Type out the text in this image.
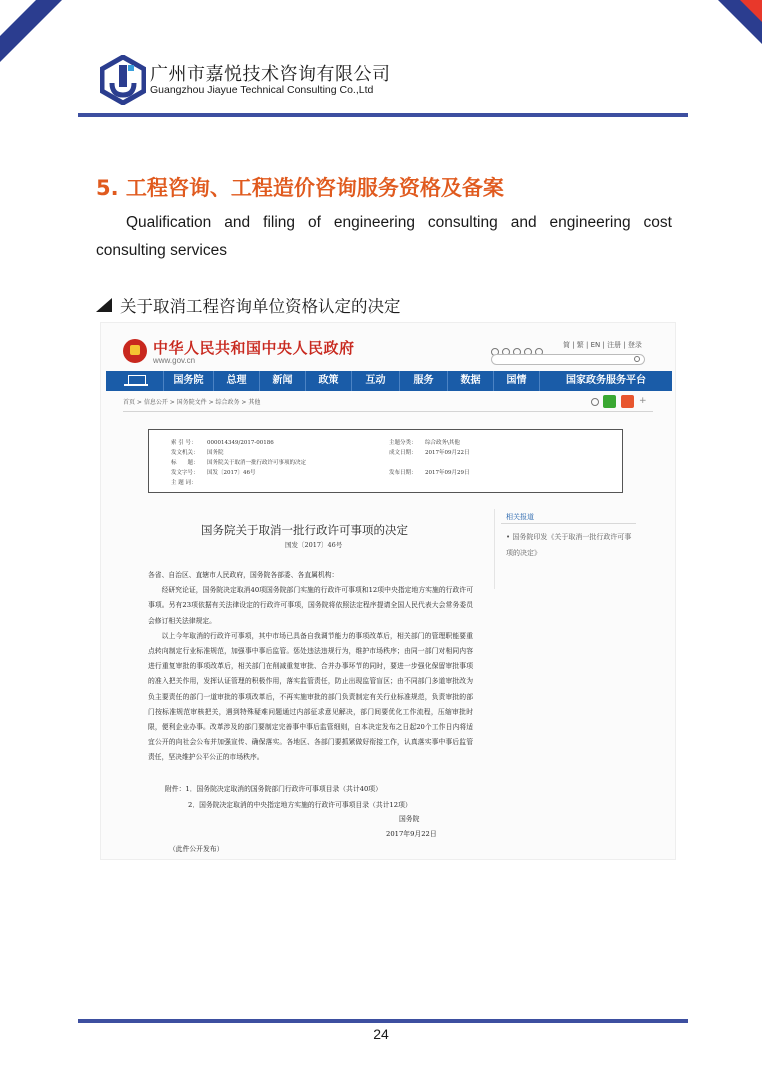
广州市嘉悦技术咨询有限公司
Guangzhou Jiayue Technical Consulting Co.,Ltd
5. 工程咨询、工程造价咨询服务资格及备案
Qualification and filing of engineering consulting and engineering cost consulting services
关于取消工程咨询单位资格认定的决定
中华人民共和国中央人民政府
www.gov.cn
简 | 繁 | EN | 注册 | 登录
国务院	总理	新闻	政策	互动	服务	数据	国情	国家政务服务平台
首页 > 信息公开 > 国务院文件 > 综合政务 > 其他	+
索 引 号： 000014349/2017-00186	主题分类： 综合政务\其他
发文机关： 国务院	成文日期： 2017年09月22日
标　　题： 国务院关于取消一批行政许可事项的决定
发文字号： 国发〔2017〕46号	发布日期： 2017年09月29日
主 题 词：
相关报道
• 国务院印发《关于取消一批行政许可事项的决定》
国务院关于取消一批行政许可事项的决定
国发〔2017〕46号

各省、自治区、直辖市人民政府，国务院各部委、各直属机构：

经研究论证，国务院决定取消40项国务院部门实施的行政许可事项和12项中央指定地方实施的行政许可事项。另有23项依据有关法律设定的行政许可事项，国务院将依照法定程序提请全国人民代表大会常务委员会修订相关法律规定。

以上今年取消的行政许可事项，其中市场已具备自我调节能力的事项改革后，相关部门的管理职能要重点转向制定行业标准规范，加强事中事后监管。惩处违法违规行为，维护市场秩序；由同一部门对相同内容进行重复审批的事项改革后，相关部门在削减重复审批、合并办事环节的同时，要进一步强化保留审批事项的准入把关作用，发挥认证管理的积极作用，落实监管责任，防止出现监管盲区；由不同部门多道审批改为负主要责任的部门一道审批的事项改革后，不再实施审批的部门负责制定有关行业标准规范，负责审批的部门按标准规范审核把关，遇到特殊疑难问题通过内部征求意见解决，部门间要优化工作流程，压缩审批时限，便利企业办事。改革涉及的部门要制定完善事中事后监管细则，自本决定发布之日起20个工作日内将适宜公开的向社会公布并加强宣传、确保落实。各地区、各部门要抓紧做好衔接工作，认真落实事中事后监管责任，坚决维护公平公正的市场秩序。

附件：1．国务院决定取消的国务院部门行政许可事项目录（共计40项）
2．国务院决定取消的中央指定地方实施的行政许可事项目录（共计12项）
国务院
2017年9月22日
（此件公开发布）
24
